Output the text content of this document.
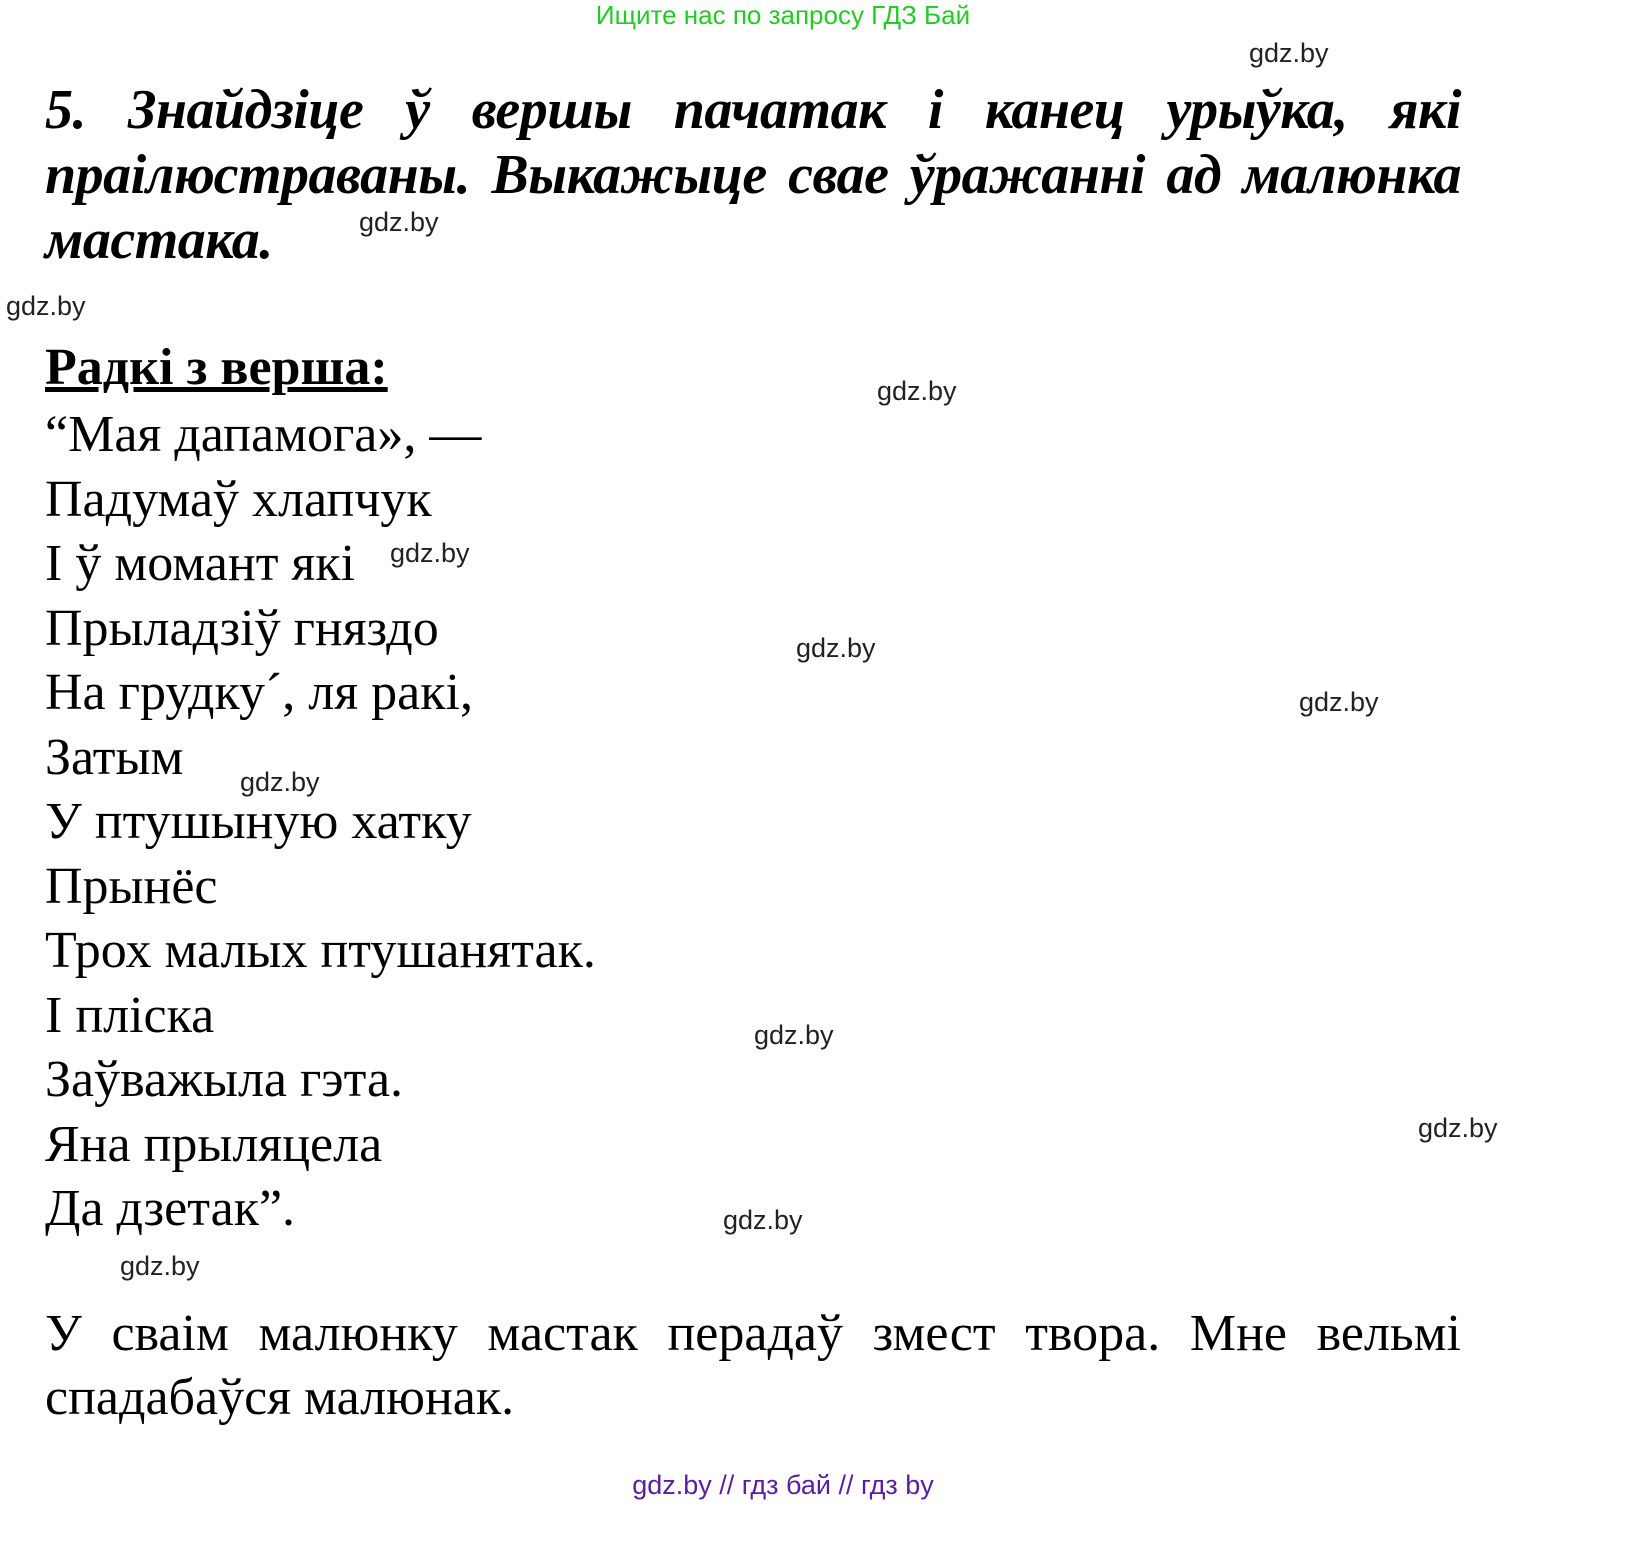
Ищите нас по запросу ГДЗ Бай
5. Знайдзіце ў вершы пачатак і канец урыўка, які праілюстраваны. Выкажыце свае ўражанні ад малюнка мастака.
Радкі з верша:
“Мая дапамога», —
Падумаў хлапчук
І ў момант які
Прыладзіў гняздо
На грудку´, ля ракі,
Затым
У птушыную хатку
Прынёс
Трох малых птушанятак.
І пліска
Заўважыла гэта.
Яна прыляцела
Да дзетак”.
У сваім малюнку мастак перадаў змест твора. Мне вельмі спадабаўся малюнак.
gdz.by // гдз бай // гдз by
gdz.by
gdz.by
gdz.by
gdz.by
gdz.by
gdz.by
gdz.by
gdz.by
gdz.by
gdz.by
gdz.by
gdz.by
